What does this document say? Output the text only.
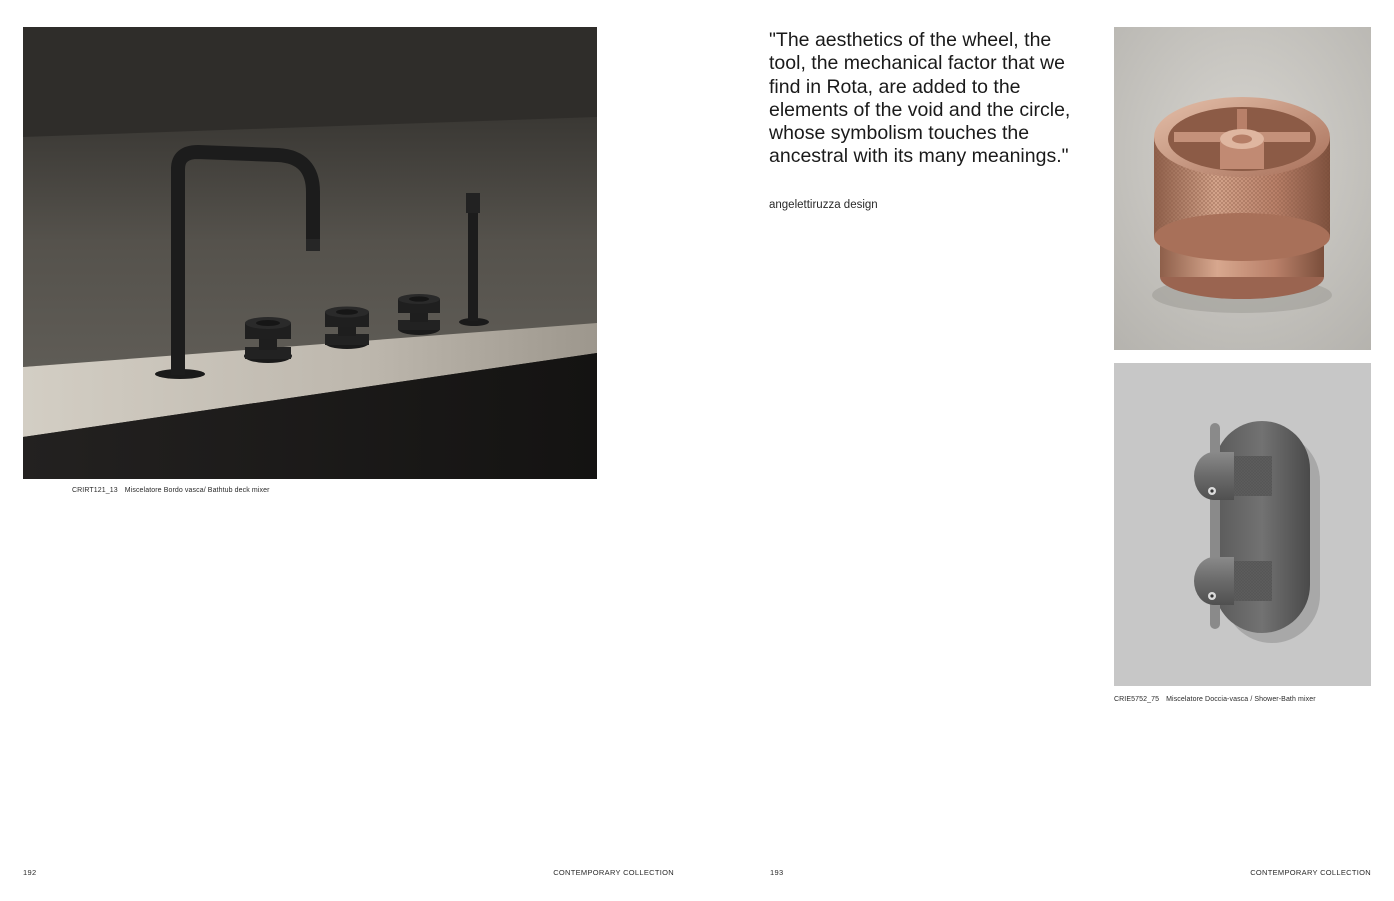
CRIRT121_13 Miscelatore Bordo vasca/ Bathtub deck mixer
192	CONTEMPORARY COLLECTION

"The aesthetics of the wheel, the tool, the mechanical factor that we find in Rota, are added to the elements of the void and the circle, whose symbolism touches the ancestral with its many meanings."

angelettiruzza design
CRIE5752_75 Miscelatore Doccia-vasca / Shower-Bath mixer
193	CONTEMPORARY COLLECTION
